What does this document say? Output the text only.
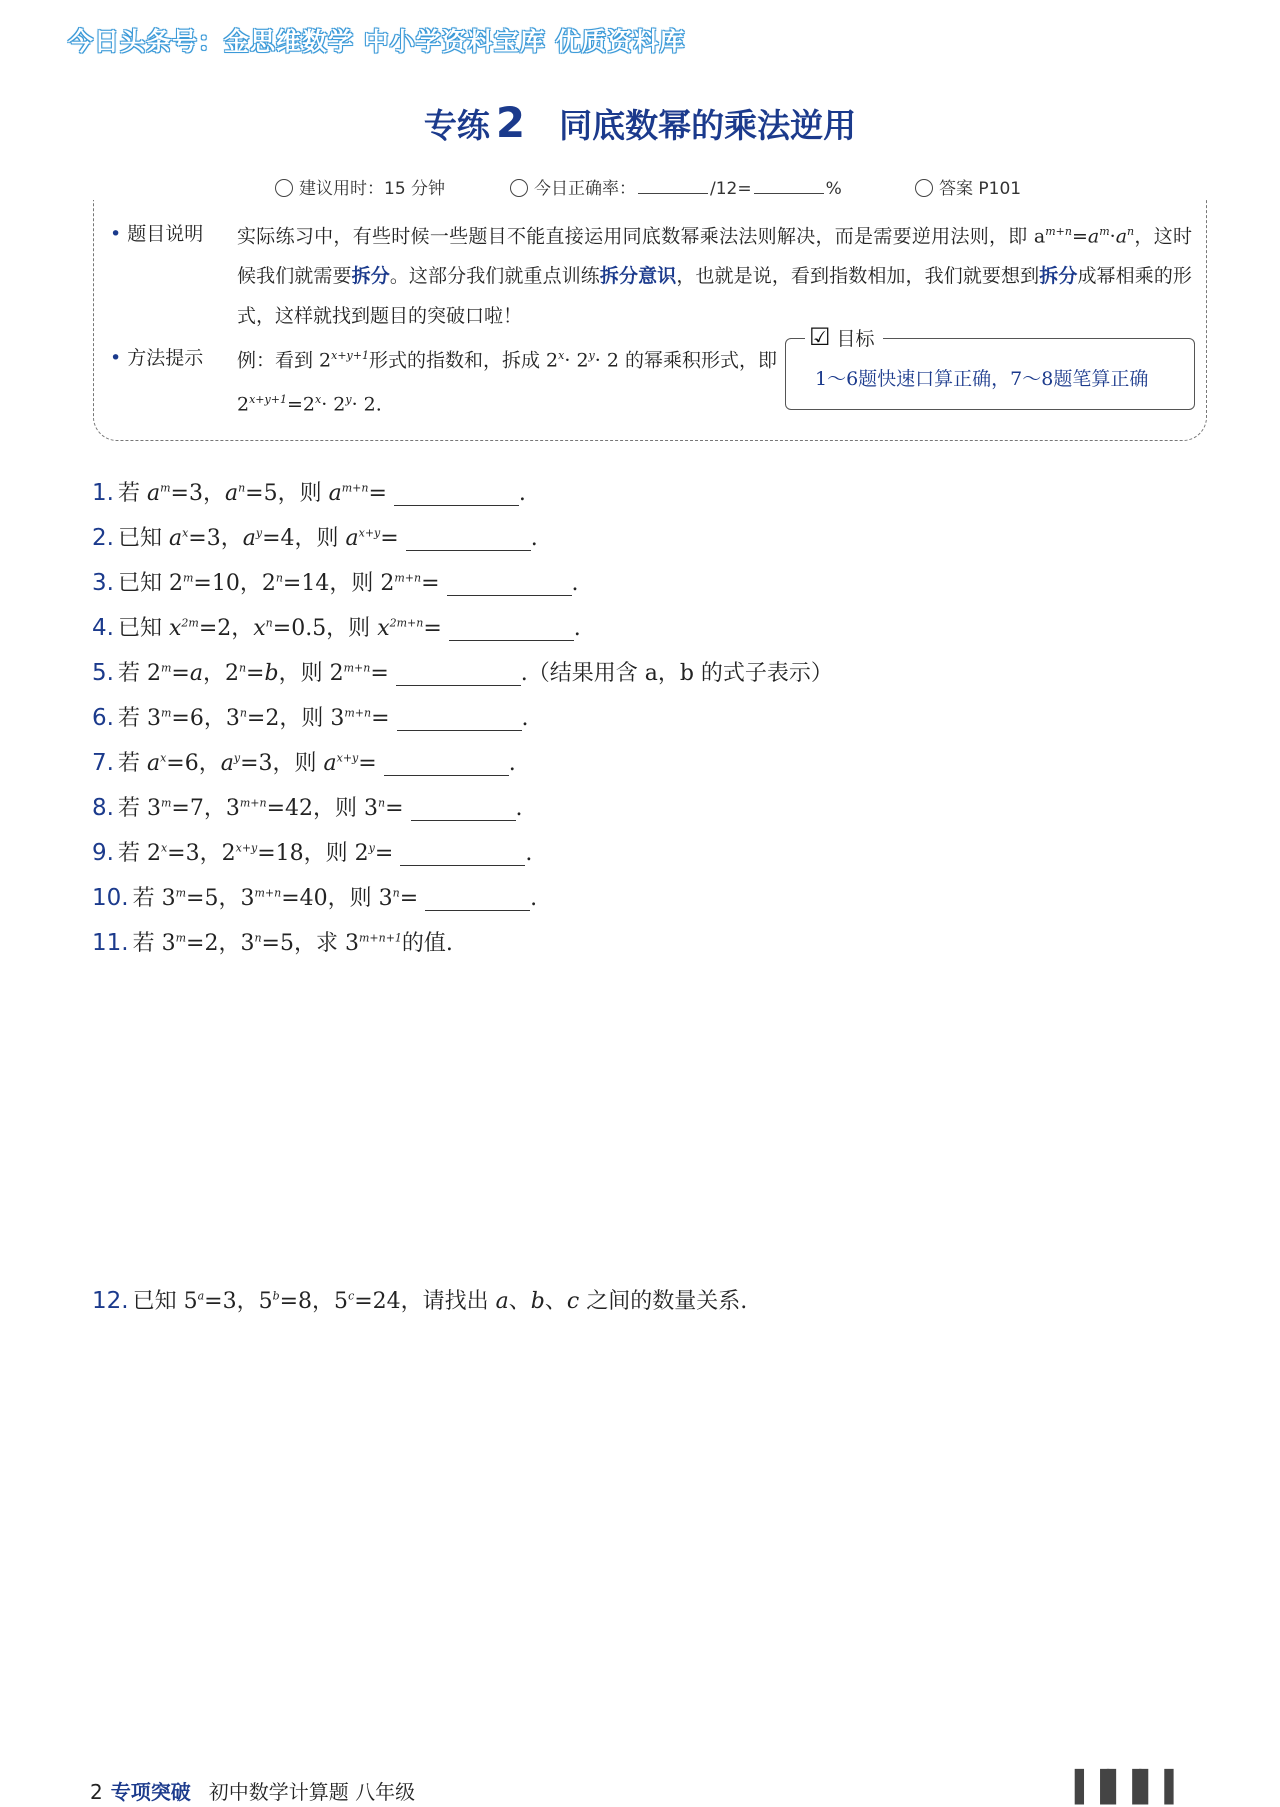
今日头条号：金思维数学 中小学资料宝库 优质资料库
专练 2 同底数幂的乘法逆用
建议用时：15 分钟	今日正确率：	/12=	%	答案 P101
• 题目说明 实际练习中，有些时候一些题目不能直接运用同底数幂乘法法则解决，而是需要逆用法则，即 $a^{m+n}=a^m\cdot a^n$，这时候我们就需要拆分。这部分我们就重点训练拆分意识，也就是说，看到指数相加，我们就要想到拆分成幂相乘的形式，这样就找到题目的突破口啦！
• 方法提示 例：看到 $2^{x+y+1}$形式的指数和，拆成 $2^x\cdot 2^y\cdot 2$ 的幂乘积形式，即 $2^{x+y+1}=2^x\cdot 2^y\cdot 2$.
☑ 目标
1～6题快速口算正确，7～8题笔算正确
1. 若 $a^m=3$，$a^n=5$，则 $a^{m+n}=$	.
2. 已知 $a^x=3$，$a^y=4$，则 $a^{x+y}=$	.
3. 已知 $2^m=10$，$2^n=14$，则 $2^{m+n}=$	.
4. 已知 $x^{2m}=2$，$x^n=0.5$，则 $x^{2m+n}=$	.
5. 若 $2^m=a$，$2^n=b$，则 $2^{m+n}=$	.（结果用含 a，b 的式子表示）
6. 若 $3^m=6$，$3^n=2$，则 $3^{m+n}=$	.
7. 若 $a^x=6$，$a^y=3$，则 $a^{x+y}=$	.
8. 若 $3^m=7$，$3^{m+n}=42$，则 $3^n=$	.
9. 若 $2^x=3$，$2^{x+y}=18$，则 $2^y=$	.
10. 若 $3^m=5$，$3^{m+n}=40$，则 $3^n=$	.
11. 若 $3^m=2$，$3^n=5$，求 $3^{m+n+1}$的值.
12. 已知 $5^a=3$，$5^b=8$，$5^c=24$，请找出 a、b、c 之间的数量关系.
2 专项突破 初中数学计算题 八年级	▌▐▌▐▌▐
